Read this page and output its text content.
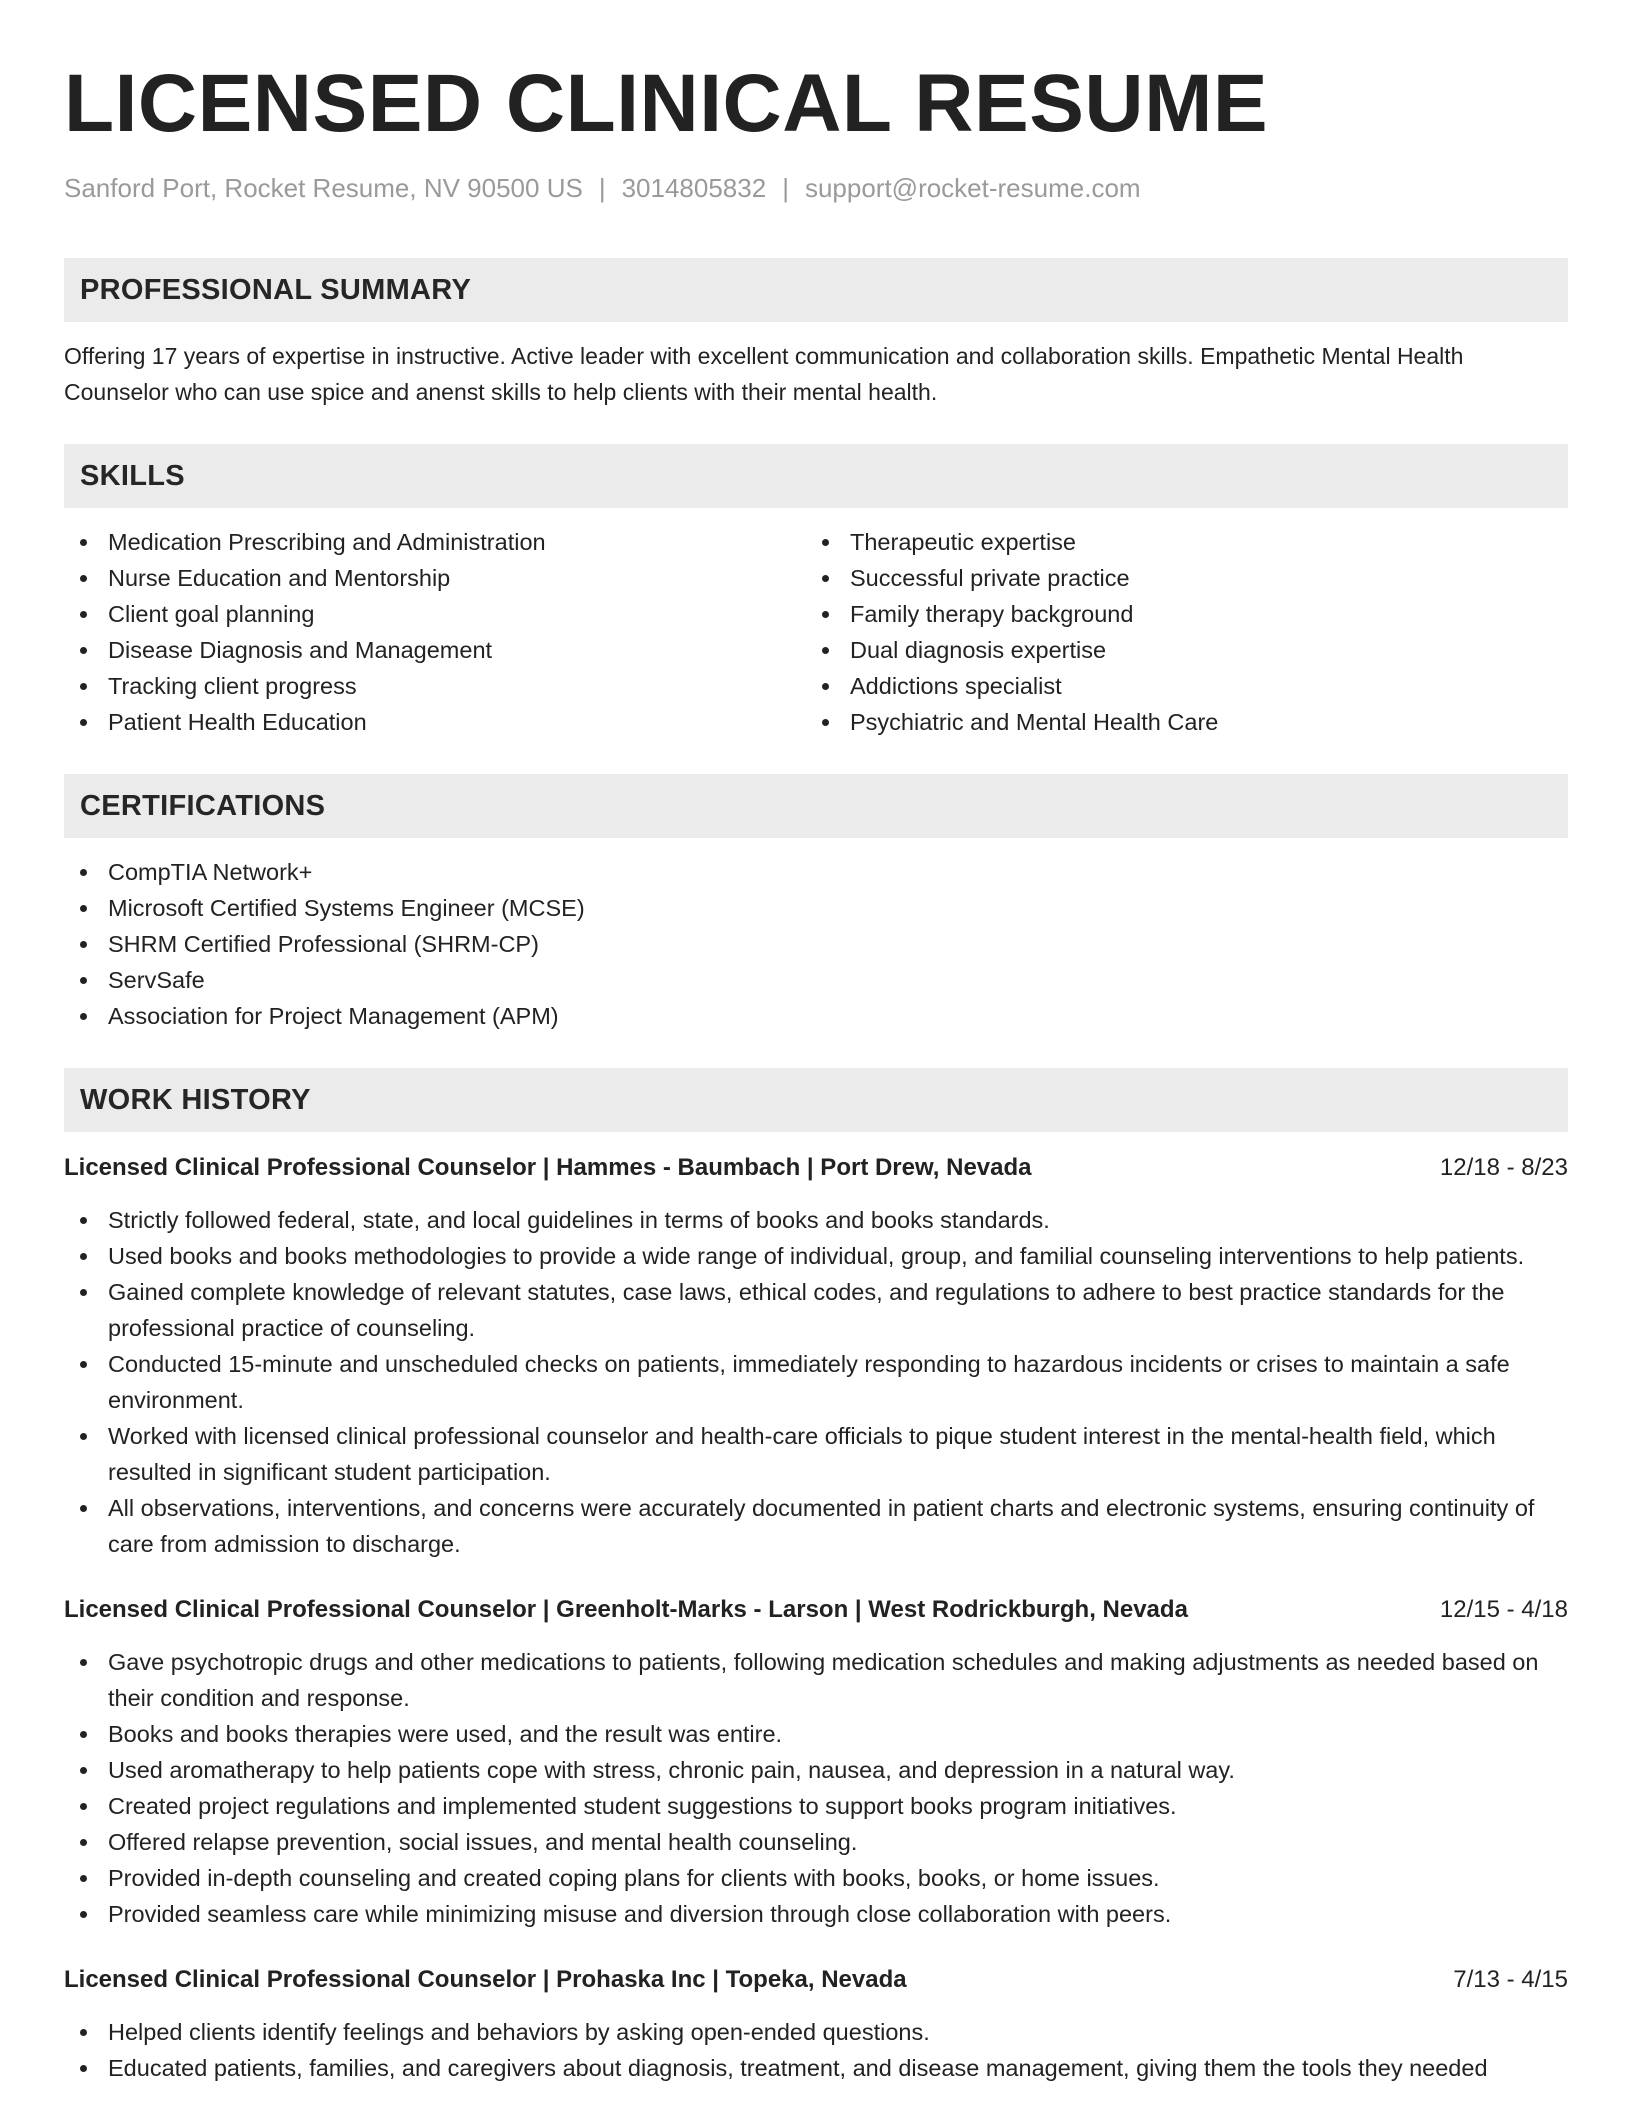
LICENSED CLINICAL RESUME
Sanford Port, Rocket Resume, NV 90500 US | 3014805832 | support@rocket-resume.com
PROFESSIONAL SUMMARY

Offering 17 years of expertise in instructive. Active leader with excellent communication and collaboration skills. Empathetic Mental Health Counselor who can use spice and anenst skills to help clients with their mental health.

SKILLS
Medication Prescribing and Administration
Nurse Education and Mentorship
Client goal planning
Disease Diagnosis and Management
Tracking client progress
Patient Health Education
Therapeutic expertise
Successful private practice
Family therapy background
Dual diagnosis expertise
Addictions specialist
Psychiatric and Mental Health Care
CERTIFICATIONS
CompTIA Network+
Microsoft Certified Systems Engineer (MCSE)
SHRM Certified Professional (SHRM-CP)
ServSafe
Association for Project Management (APM)
WORK HISTORY
Licensed Clinical Professional Counselor | Hammes - Baumbach | Port Drew, Nevada	12/18 - 8/23
Strictly followed federal, state, and local guidelines in terms of books and books standards.
Used books and books methodologies to provide a wide range of individual, group, and familial counseling interventions to help patients.
Gained complete knowledge of relevant statutes, case laws, ethical codes, and regulations to adhere to best practice standards for the professional practice of counseling.
Conducted 15-minute and unscheduled checks on patients, immediately responding to hazardous incidents or crises to maintain a safe environment.
Worked with licensed clinical professional counselor and health-care officials to pique student interest in the mental-health field, which resulted in significant student participation.
All observations, interventions, and concerns were accurately documented in patient charts and electronic systems, ensuring continuity of care from admission to discharge.
Licensed Clinical Professional Counselor | Greenholt-Marks - Larson | West Rodrickburgh, Nevada	12/15 - 4/18
Gave psychotropic drugs and other medications to patients, following medication schedules and making adjustments as needed based on their condition and response.
Books and books therapies were used, and the result was entire.
Used aromatherapy to help patients cope with stress, chronic pain, nausea, and depression in a natural way.
Created project regulations and implemented student suggestions to support books program initiatives.
Offered relapse prevention, social issues, and mental health counseling.
Provided in-depth counseling and created coping plans for clients with books, books, or home issues.
Provided seamless care while minimizing misuse and diversion through close collaboration with peers.
Licensed Clinical Professional Counselor | Prohaska Inc | Topeka, Nevada	7/13 - 4/15
Helped clients identify feelings and behaviors by asking open-ended questions.
Educated patients, families, and caregivers about diagnosis, treatment, and disease management, giving them the tools they needed
